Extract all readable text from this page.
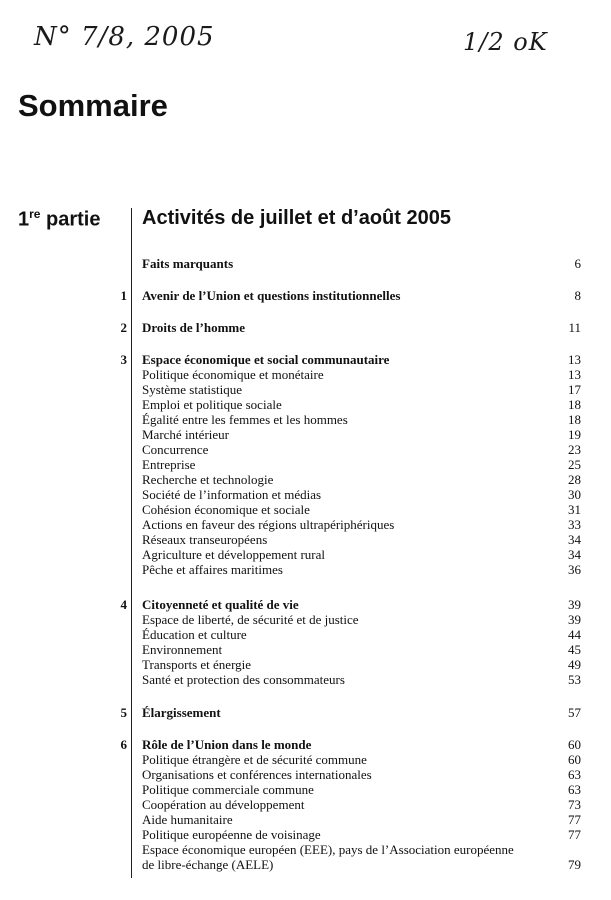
N° 7/8, 2005	1/2 oK
Sommaire
1re partie Activités de juillet et d’août 2005
Faits marquants	6
1 Avenir de l’Union et questions institutionnelles	8
2 Droits de l’homme	11
3 Espace économique et social communautaire	13
Politique économique et monétaire	13
Système statistique	17
Emploi et politique sociale	18
Égalité entre les femmes et les hommes	18
Marché intérieur	19
Concurrence	23
Entreprise	25
Recherche et technologie	28
Société de l’information et médias	30
Cohésion économique et sociale	31
Actions en faveur des régions ultrapériphériques	33
Réseaux transeuropéens	34
Agriculture et développement rural	34
Pêche et affaires maritimes	36
4 Citoyenneté et qualité de vie	39
Espace de liberté, de sécurité et de justice	39
Éducation et culture	44
Environnement	45
Transports et énergie	49
Santé et protection des consommateurs	53
5 Élargissement	57
6 Rôle de l’Union dans le monde	60
Politique étrangère et de sécurité commune	60
Organisations et conférences internationales	63
Politique commerciale commune	63
Coopération au développement	73
Aide humanitaire	77
Politique européenne de voisinage	77
Espace économique européen (EEE), pays de l’Association européenne
de libre-échange (AELE)	79
